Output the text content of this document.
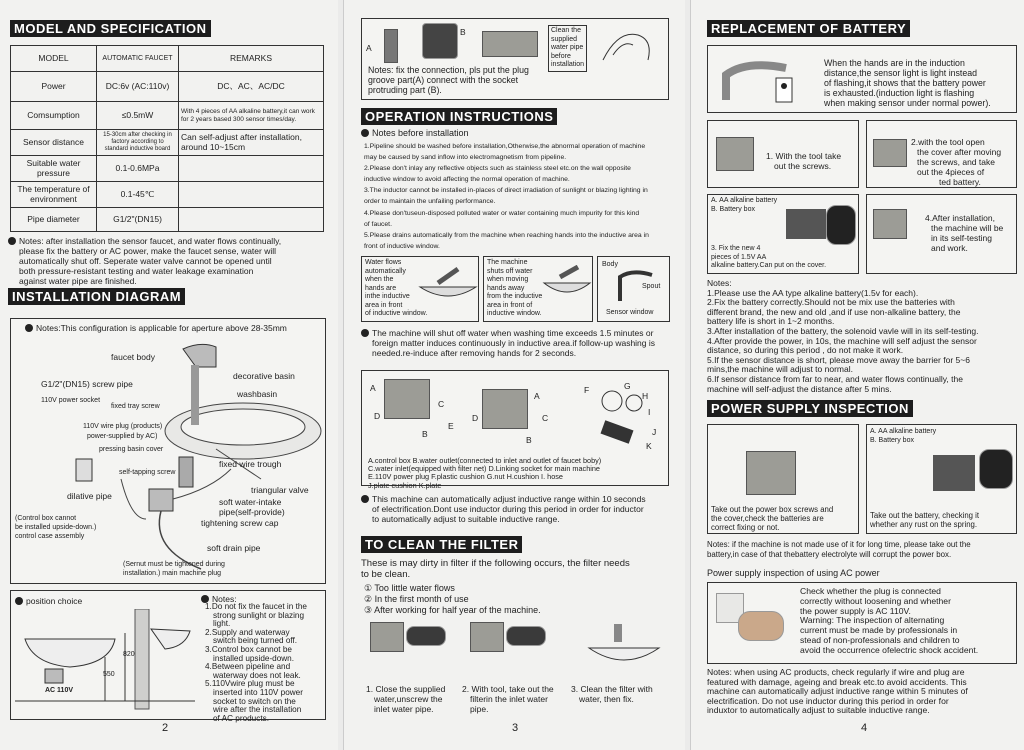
MODEL AND SPECIFICATION
MODEL	AUTOMATIC FAUCET	REMARKS
Power	DC:6v (AC:110v)	DC、AC、AC/DC
Comsumption	≤0.5mW	With 4 pieces of AA alkaline battery,it can work for 2 years based 300 sensor times/day.
Sensor distance	15-30cm after checking in factory according to standard inductive board	Can self-adjust after installation, around 10~15cm
Suitable water pressure	0.1-0.6MPa	
The temperature of environment	0.1-45℃	
Pipe diameter	G1/2"(DN15)	
Notes: after installation the sensor faucet, and water flows continually,
please fix the battery or AC power, make the faucet sense, water will
automatically shut off. Seperate water valve cannot be opened until
both pressure-resistant testing and water leakage examination
against water pipe are finished.
INSTALLATION DIAGRAM
Notes:This configuration is applicable for aperture above 28-35mm
faucet body
G1/2"(DN15) screw pipe
decorative basin
110V power socket
washbasin
fixed tray screw
110V wire plug (products)
power-supplied by AC)
pressing basin cover
self-tapping screw
fixed wire trough
dilative pipe
triangular valve
soft water-intake
pipe(self-provide)
tightening screw cap
(Control box cannot
be installed upside-down.)
control case assembly
soft drain pipe
(Sernut must be tightened during
installation.) main machine plug
position choice
820
550
AC 110V
Notes:
1.Do not fix the faucet in the
strong sunlight or blazing
light.
2.Supply and waterway
switch being turned off.
3.Control box cannot be
installed upside-down.
4.Between pipeline and
waterway does not leak.
5.110Vwire plug must be
inserted into 110V power
socket to switch on the
wire after the installation
of AC products.
2
A
B	Clean the
supplied
water pipe
before
installation
Notes: fix the connection, pls put the plug
groove part(A) connect with the socket
protruding part (B).
OPERATION INSTRUCTIONS
Notes before installation
1.Pipeline should be washed before installation,Otherwise,the abnormal operation of machine
may be caused by sand inflow into electromagnetism from pipeline.
2.Please don't inlay any reflective objects such as stainless steel etc.on the wall opposite
inductive window to avoid affecting the normal operation of machine.
3.The inductor cannot be installed in-places of direct irradiation of sunlight or blazing lighting in
order to maintain the unfailing performance.
4.Please don'tuseun-disposed polluted water or water containing much impurity for this kind
of faucet.
5.Please drains automatically from the machine when reaching hands into the inductive area in
front of inductive window.
Water flows
automatically
when the
hands are
inthe inductive
area in front
of inductive window.
The machine
shuts off water
when moving
hands away
from the inductive
area in front of
inductive window.
Body
Spout
Sensor window
The machine will shut off water when washing time exceeds 1.5 minutes or
foreign matter induces continuously in inductive area.if follow-up washing is
needed.re-induce after removing hands for 2 seconds.
A
B
C
D
E
A
B
C
D
F	G
H
I
J
K
A.control box B.water outlet(connected to inlet and outlet of faucet boby)
C.water inlet(equipped with filter net) D.Linking socket for main machine
E.110V power plug F.plastic cushion G.nut H.cushion I. hose
J.plate cushion K.plate
This machine can automatically adjust inductive range within 10 seconds
of electrification.Dont use inductor during this period in order for inductor
to automatically adjust to suitable inductive range.
TO CLEAN THE FILTER
These is may dirty in filter if the following occurs, the filter needs
to be clean.
① Too little water flows
② In the first month of use
③ After working for half year of the machine.
1. Close the supplied
water,unscrew the
inlet water pipe.
2. With tool, take out the
filterin the inlet water
pipe.
3. Clean the filter with
water, then fix.
3
REPLACEMENT OF BATTERY
When the hands are in the induction
distance,the sensor light is light instead
of flashing,it shows that the battery power
is exhausted.(induction light is flashing
when making sensor under normal power).
1. With the tool take
out the screws.
2.with the tool open
the cover after moving
the screws, and take
out the 4pieces of
ted battery.
A. AA alkaline battery
B. Battery box
3. Fix the new 4
pieces of 1.5V AA
alkaline battery.Can put on the cover.
4.After installation,
the machine will be
in its self-testing
and work.
Notes:
1.Please use the AA type alkaline battery(1.5v for each).
2.Fix the battery correctly.Should not be mix use the batteries with
different brand, the new and old ,and if use non-alkaline battery, the
battery life is short in 1~2 months.
3.After installation of the battery, the solenoid vavle will in its self-testing.
4.After provide the power, in 10s, the machine will self adjust the sensor
distance, so during this period , do not make it work.
5.If the sensor distance is short, please move away the barrier for 5~6
mins,the machine will adjust to normal.
6.If sensor distance from far to near, and water flows continually, the
machine will self-adjust the distance after 5 mins.
POWER SUPPLY INSPECTION
Take out the power box screws and
the cover,check the batteries are
correct fixing or not.
A. AA alkaline battery
B. Battery box
Take out the battery, checking it
whether any rust on the spring.
Notes: if the machine is not made use of it for long time, please take out the
battery,in case of that thebattery electrolyte will corrupt the power box.
Power supply inspection of using AC power
Check whether the plug is connected
correctly without loosening and whether
the power supply is AC 110V.
Warning: The inspection of alternating
current must be made by professionals in
stead of non-professionals and children to
avoid the occurrence ofelectric shock accident.
Notes: when using AC products, check regularly if wire and plug are
featured with damage, ageing and break etc.to avoid accidents. This
machine can automatically adjust inductive range within 5 minutes of
electrification. Do not use inductor during this period in order for
induxtor to automatically adjust to suitable inductive range.
4
